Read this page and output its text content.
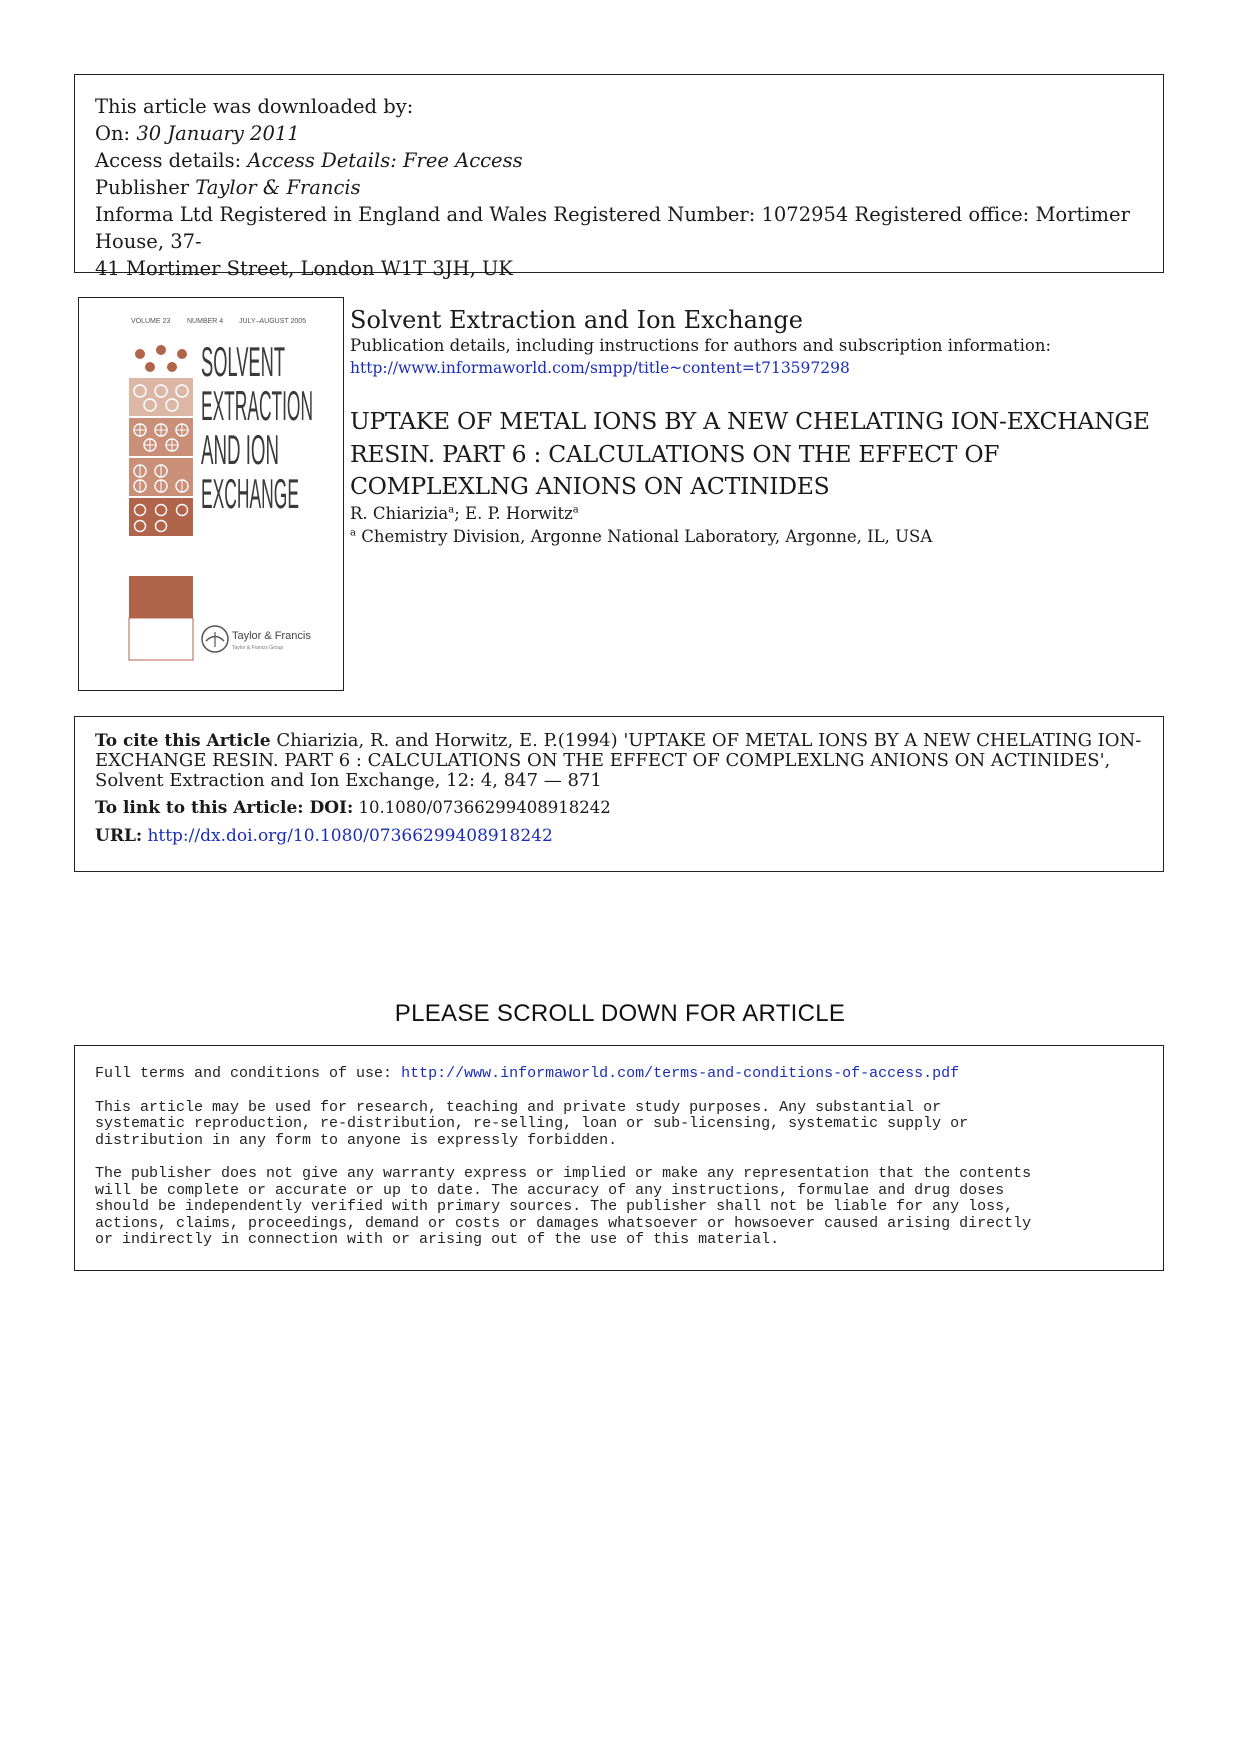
This article was downloaded by:
On: 30 January 2011
Access details: Access Details: Free Access
Publisher Taylor & Francis
Informa Ltd Registered in England and Wales Registered Number: 1072954 Registered office: Mortimer House, 37-
41 Mortimer Street, London W1T 3JH, UK
VOLUME 23 NUMBER 4 JULY–AUGUST 2005
SOLVENT
EXTRACTION
AND ION
EXCHANGE
Taylor & Francis
Taylor & Francis Group

Solvent Extraction and Ion Exchange

Publication details, including instructions for authors and subscription information:

http://www.informaworld.com/smpp/title~content=t713597298

UPTAKE OF METAL IONS BY A NEW CHELATING ION-EXCHANGE RESIN. PART 6 : CALCULATIONS ON THE EFFECT OF COMPLEXLNG ANIONS ON ACTINIDES

R. Chiarizia$^a$; E. P. Horwitz$^a$

$^a$ Chemistry Division, Argonne National Laboratory, Argonne, IL, USA

To cite this Article Chiarizia, R. and Horwitz, E. P.(1994) 'UPTAKE OF METAL IONS BY A NEW CHELATING ION-

EXCHANGE RESIN. PART 6 : CALCULATIONS ON THE EFFECT OF COMPLEXLNG ANIONS ON ACTINIDES',

Solvent Extraction and Ion Exchange, 12: 4, 847 — 871

To link to this Article: DOI: 10.1080/07366299408918242

URL: http://dx.doi.org/10.1080/07366299408918242

PLEASE SCROLL DOWN FOR ARTICLE

Full terms and conditions of use: http://www.informaworld.com/terms-and-conditions-of-access.pdf

This article may be used for research, teaching and private study purposes. Any substantial or
systematic reproduction, re-distribution, re-selling, loan or sub-licensing, systematic supply or
distribution in any form to anyone is expressly forbidden.

The publisher does not give any warranty express or implied or make any representation that the contents
will be complete or accurate or up to date. The accuracy of any instructions, formulae and drug doses
should be independently verified with primary sources. The publisher shall not be liable for any loss,
actions, claims, proceedings, demand or costs or damages whatsoever or howsoever caused arising directly
or indirectly in connection with or arising out of the use of this material.
